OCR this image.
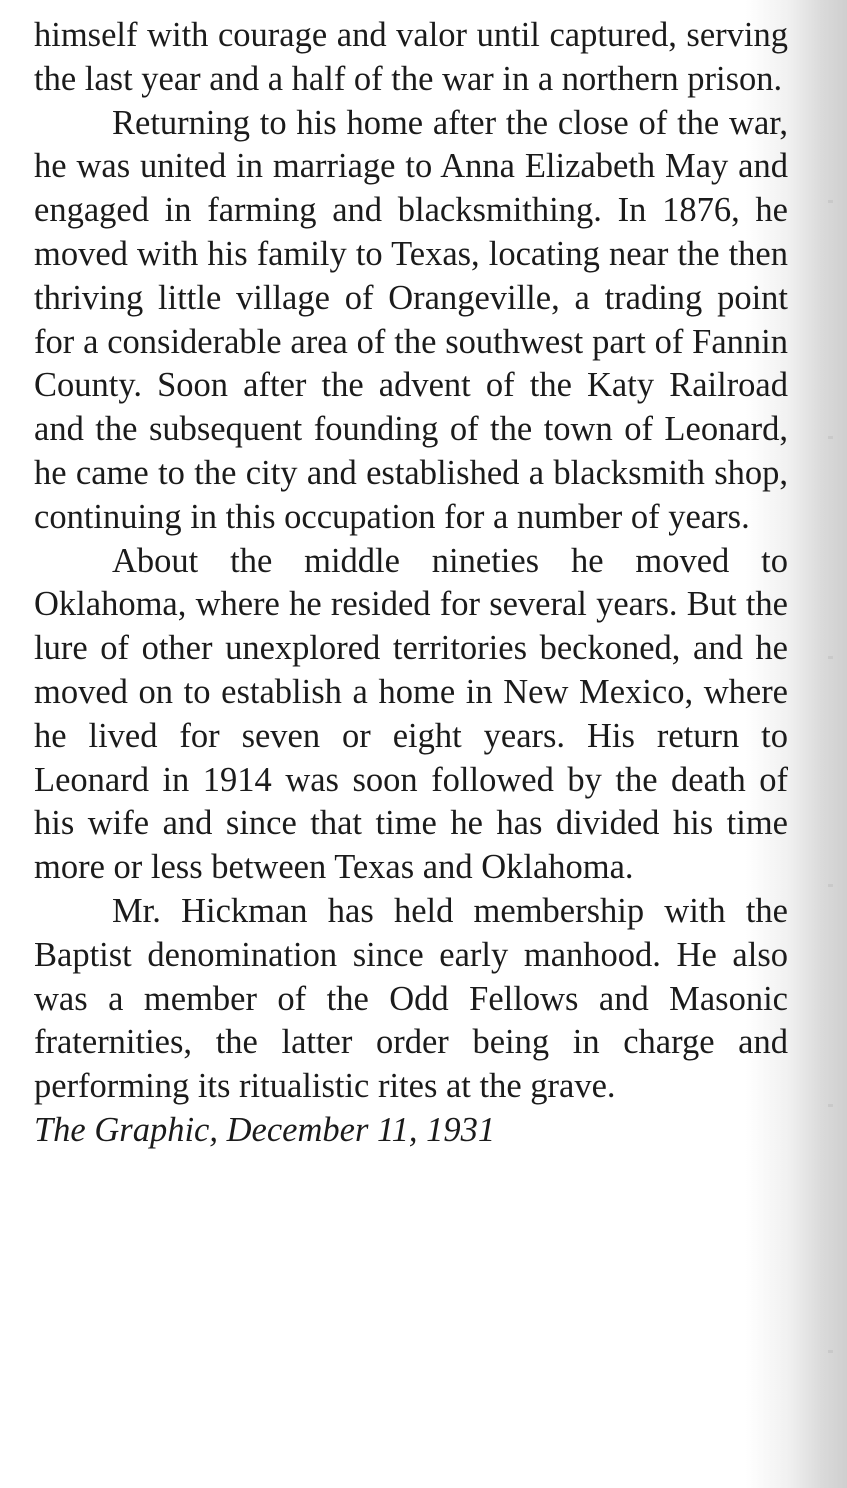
himself with courage and valor until captured, serving the last year and a half of the war in a northern prison.

Returning to his home after the close of the war, he was united in marriage to Anna Elizabeth May and engaged in farming and blacksmithing. In 1876, he moved with his family to Texas, locating near the then thriving little village of Orangeville, a trading point for a considerable area of the southwest part of Fannin County. Soon after the advent of the Katy Railroad and the subsequent founding of the town of Leonard, he came to the city and established a blacksmith shop, continuing in this occupation for a number of years.

About the middle nineties he moved to Oklahoma, where he resided for several years. But the lure of other unexplored territories beckoned, and he moved on to establish a home in New Mexico, where he lived for seven or eight years. His return to Leonard in 1914 was soon followed by the death of his wife and since that time he has divided his time more or less between Texas and Oklahoma.

Mr. Hickman has held membership with the Baptist denomination since early manhood. He also was a member of the Odd Fellows and Masonic fraternities, the latter order being in charge and performing its ritualistic rites at the grave.

The Graphic, December 11, 1931
